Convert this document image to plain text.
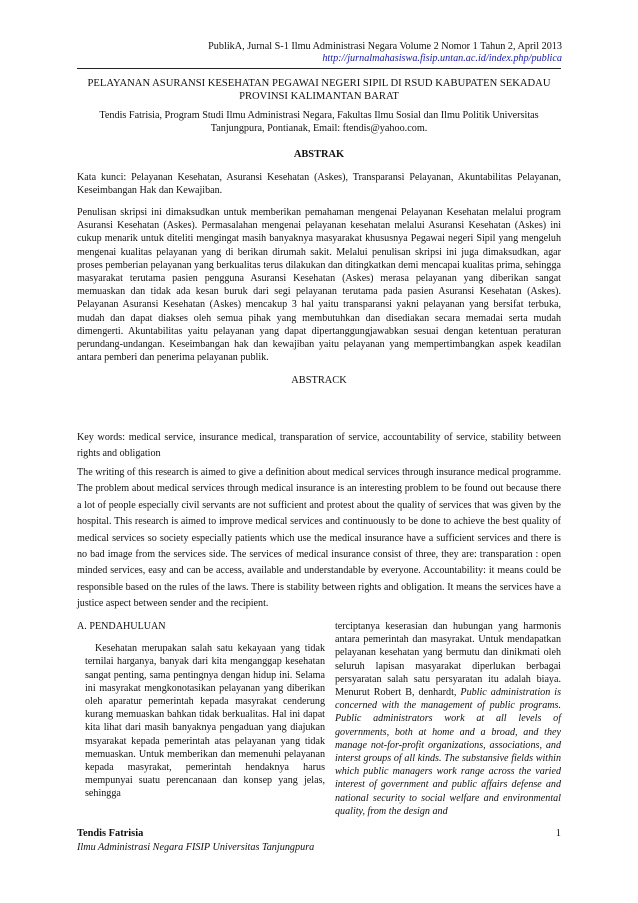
PublikA, Jurnal S-1 Ilmu Administrasi Negara Volume 2 Nomor 1 Tahun 2, April 2013
http://jurnalmahasiswa.fisip.untan.ac.id/index.php/publica
PELAYANAN ASURANSI KESEHATAN PEGAWAI NEGERI SIPIL DI RSUD KABUPATEN SEKADAU PROVINSI KALIMANTAN BARAT
Tendis Fatrisia, Program Studi Ilmu Administrasi Negara, Fakultas Ilmu Sosial dan Ilmu Politik Universitas Tanjungpura, Pontianak, Email: ftendis@yahoo.com.
ABSTRAK
Kata kunci: Pelayanan Kesehatan, Asuransi Kesehatan (Askes), Transparansi Pelayanan, Akuntabilitas Pelayanan, Keseimbangan Hak dan Kewajiban.
Penulisan skripsi ini dimaksudkan untuk memberikan pemahaman mengenai Pelayanan Kesehatan melalui program Asuransi Kesehatan (Askes). Permasalahan mengenai pelayanan kesehatan melalui Asuransi Kesehatan (Askes) ini cukup menarik untuk diteliti mengingat masih banyaknya masyarakat khususnya Pegawai negeri Sipil yang mengeluh mengenai kualitas pelayanan yang di berikan dirumah sakit. Melalui penulisan skripsi ini juga dimaksudkan, agar proses pemberian pelayanan yang berkualitas terus dilakukan dan ditingkatkan demi mencapai kualitas prima, sehingga masyarakat terutama pasien pengguna Asuransi Kesehatan (Askes) merasa pelayanan yang diberikan sangat memuaskan dan tidak ada kesan buruk dari segi pelayanan terutama pada pasien Asuransi Kesehatan (Askes). Pelayanan Asuransi Kesehatan (Askes) mencakup 3 hal yaitu transparansi yakni pelayanan yang bersifat terbuka, mudah dan dapat diakses oleh semua pihak yang membutuhkan dan disediakan secara memadai serta mudah dimengerti. Akuntabilitas yaitu pelayanan yang dapat dipertanggungjawabkan sesuai dengan ketentuan peraturan perundang-undangan. Keseimbangan hak dan kewajiban yaitu pelayanan yang mempertimbangkan aspek keadilan antara pemberi dan penerima pelayanan publik.
ABSTRACK
Key words: medical service, insurance medical, transparation of service, accountability of service, stability between rights and obligation
The writing of this research is aimed to give a definition about medical services through insurance medical programme. The problem about medical services through medical insurance is an interesting problem to be found out because there a lot of people especially civil servants are not sufficient and protest about the quality of services that was given by the hospital. This research is aimed to improve medical services and continuously to be done to achieve the best quality of medical services so society especially patients which use the medical insurance have a sufficient services and there is no bad image from the services side. The services of medical insurance consist of three, they are: transparation : open minded services, easy and can be access, available and understandable by everyone. Accountability: it means could be responsible based on the rules of the laws. There is stability between rights and obligation. It means the services have a justice aspect between sender and the recipient.
A. PENDAHULUAN
Kesehatan merupakan salah satu kekayaan yang tidak ternilai harganya, banyak dari kita menganggap kesehatan sangat penting, sama pentingnya dengan hidup ini. Selama ini masyrakat mengkonotasikan pelayanan yang diberikan oleh aparatur pemerintah kepada masyrakat cenderung kurang memuaskan bahkan tidak berkualitas. Hal ini dapat kita lihat dari masih banyaknya pengaduan yang diajukan msyarakat kepada pemerintah atas pelayanan yang tidak memuaskan. Untuk memberikan dan memenuhi pelayanan kepada masyrakat, pemerintah hendaknya harus mempunyai suatu perencanaan dan konsep yang jelas, sehingga
terciptanya keserasian dan hubungan yang harmonis antara pemerintah dan masyrakat. Untuk mendapatkan pelayanan kesehatan yang bermutu dan dinikmati oleh seluruh lapisan masyarakat diperlukan berbagai persyaratan salah satu persyaratan itu adalah biaya. Menurut Robert B, denhardt, Public administration is concerned with the management of public programs. Public administrators work at all levels of governments, both at home and a broad, and they manage not-for-profit organizations, associations, and interst groups of all kinds. The substansive fields within which public managers work range across the varied interest of government and public affairs defense and national security to social welfare and environmental quality, from the design and
Tendis Fatrisia
Ilmu Administrasi Negara FISIP Universitas Tanjungpura
1
